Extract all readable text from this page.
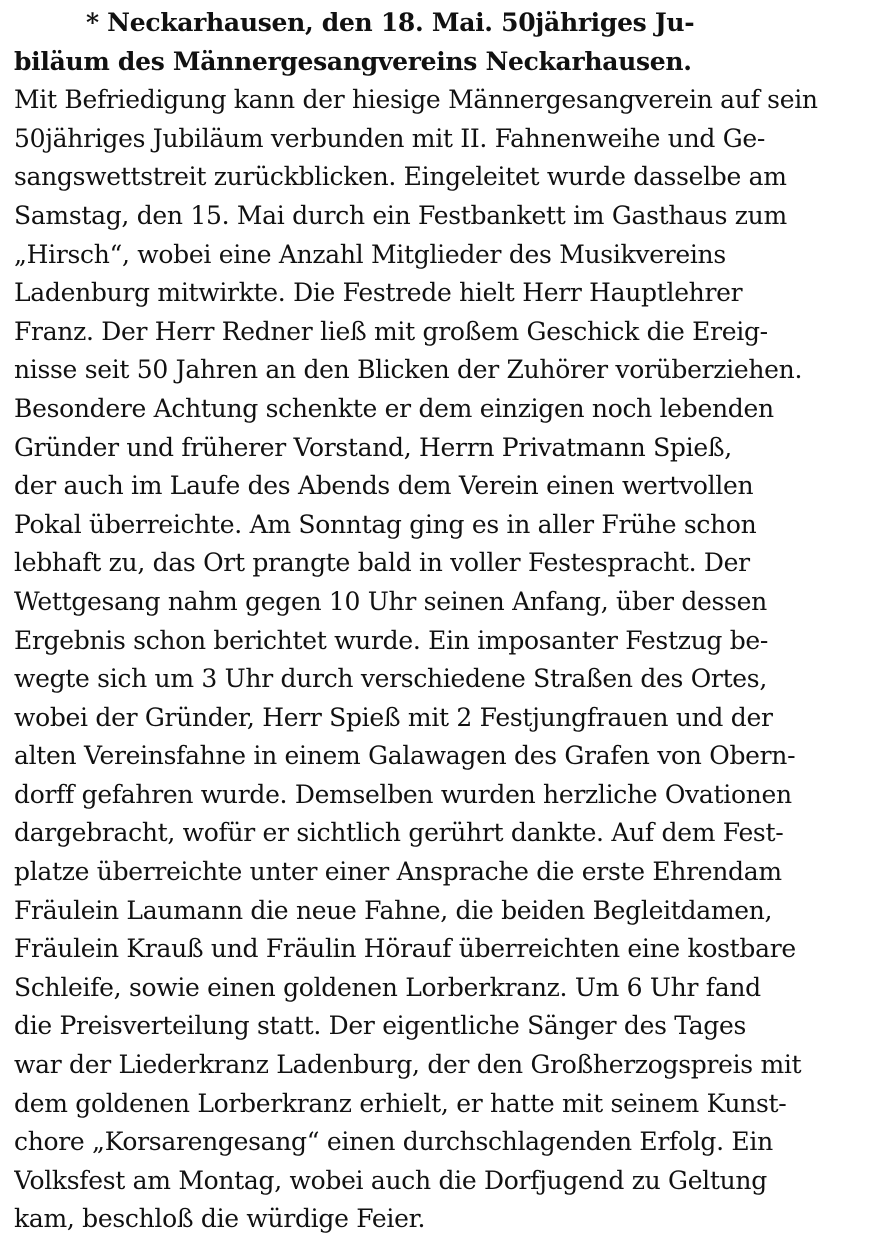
* Neckarhausen, den 18. Mai. 50jähriges Ju-
biläum des Männergesangvereins Neckarhausen.
Mit Befriedigung kann der hiesige Männergesangverein auf sein
50jähriges Jubiläum verbunden mit II. Fahnenweihe und Ge-
sangswettstreit zurückblicken. Eingeleitet wurde dasselbe am
Samstag, den 15. Mai durch ein Festbankett im Gasthaus zum
„Hirsch“, wobei eine Anzahl Mitglieder des Musikvereins
Ladenburg mitwirkte. Die Festrede hielt Herr Hauptlehrer
Franz. Der Herr Redner ließ mit großem Geschick die Ereig-
nisse seit 50 Jahren an den Blicken der Zuhörer vorüberziehen.
Besondere Achtung schenkte er dem einzigen noch lebenden
Gründer und früherer Vorstand, Herrn Privatmann Spieß,
der auch im Laufe des Abends dem Verein einen wertvollen
Pokal überreichte. Am Sonntag ging es in aller Frühe schon
lebhaft zu, das Ort prangte bald in voller Festespracht. Der
Wettgesang nahm gegen 10 Uhr seinen Anfang, über dessen
Ergebnis schon berichtet wurde. Ein imposanter Festzug be-
wegte sich um 3 Uhr durch verschiedene Straßen des Ortes,
wobei der Gründer, Herr Spieß mit 2 Festjungfrauen und der
alten Vereinsfahne in einem Galawagen des Grafen von Obern-
dorff gefahren wurde. Demselben wurden herzliche Ovationen
dargebracht, wofür er sichtlich gerührt dankte. Auf dem Fest-
platze überreichte unter einer Ansprache die erste Ehrendam
Fräulein Laumann die neue Fahne, die beiden Begleitdamen,
Fräulein Krauß und Fräulin Hörauf überreichten eine kostbare
Schleife, sowie einen goldenen Lorberkranz. Um 6 Uhr fand
die Preisverteilung statt. Der eigentliche Sänger des Tages
war der Liederkranz Ladenburg, der den Großherzogspreis mit
dem goldenen Lorberkranz erhielt, er hatte mit seinem Kunst-
chore „Korsarengesang“ einen durchschlagenden Erfolg. Ein
Volksfest am Montag, wobei auch die Dorfjugend zu Geltung
kam, beschloß die würdige Feier.
